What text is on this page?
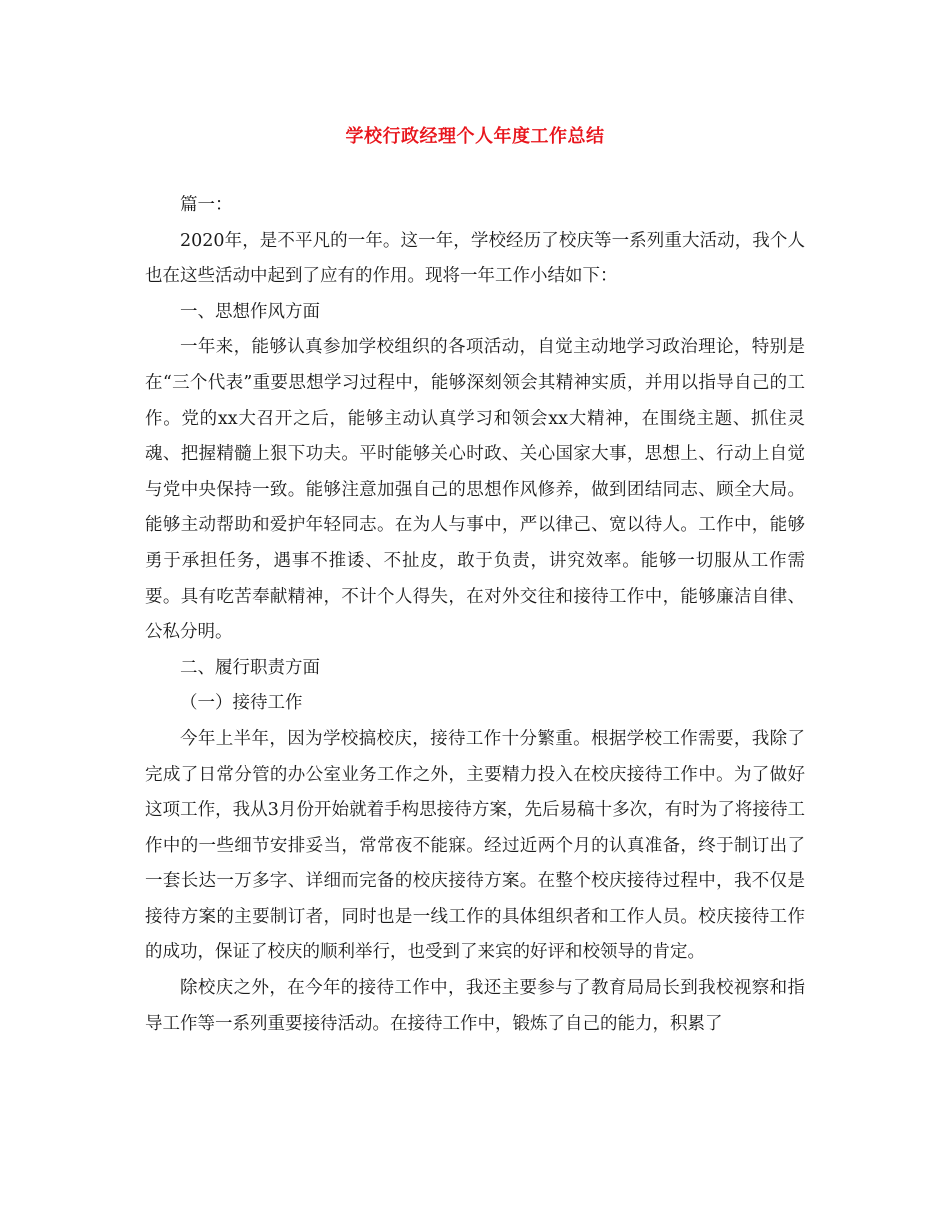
学校行政经理个人年度工作总结

篇一：

2020年，是不平凡的一年。这一年，学校经历了校庆等一系列重大活动，我个人也在这些活动中起到了应有的作用。现将一年工作小结如下：

一、思想作风方面

一年来，能够认真参加学校组织的各项活动，自觉主动地学习政治理论，特别是在“三个代表”重要思想学习过程中，能够深刻领会其精神实质，并用以指导自己的工作。党的xx大召开之后，能够主动认真学习和领会xx大精神，在围绕主题、抓住灵魂、把握精髓上狠下功夫。平时能够关心时政、关心国家大事，思想上、行动上自觉与党中央保持一致。能够注意加强自己的思想作风修养，做到团结同志、顾全大局。能够主动帮助和爱护年轻同志。在为人与事中，严以律己、宽以待人。工作中，能够勇于承担任务，遇事不推诿、不扯皮，敢于负责，讲究效率。能够一切服从工作需要。具有吃苦奉献精神，不计个人得失，在对外交往和接待工作中，能够廉洁自律、公私分明。

二、履行职责方面

（一）接待工作

今年上半年，因为学校搞校庆，接待工作十分繁重。根据学校工作需要，我除了完成了日常分管的办公室业务工作之外，主要精力投入在校庆接待工作中。为了做好这项工作，我从3月份开始就着手构思接待方案，先后易稿十多次，有时为了将接待工作中的一些细节安排妥当，常常夜不能寐。经过近两个月的认真准备，终于制订出了一套长达一万多字、详细而完备的校庆接待方案。在整个校庆接待过程中，我不仅是接待方案的主要制订者，同时也是一线工作的具体组织者和工作人员。校庆接待工作的成功，保证了校庆的顺利举行，也受到了来宾的好评和校领导的肯定。

除校庆之外，在今年的接待工作中，我还主要参与了教育局局长到我校视察和指导工作等一系列重要接待活动。在接待工作中，锻炼了自己的能力，积累了
